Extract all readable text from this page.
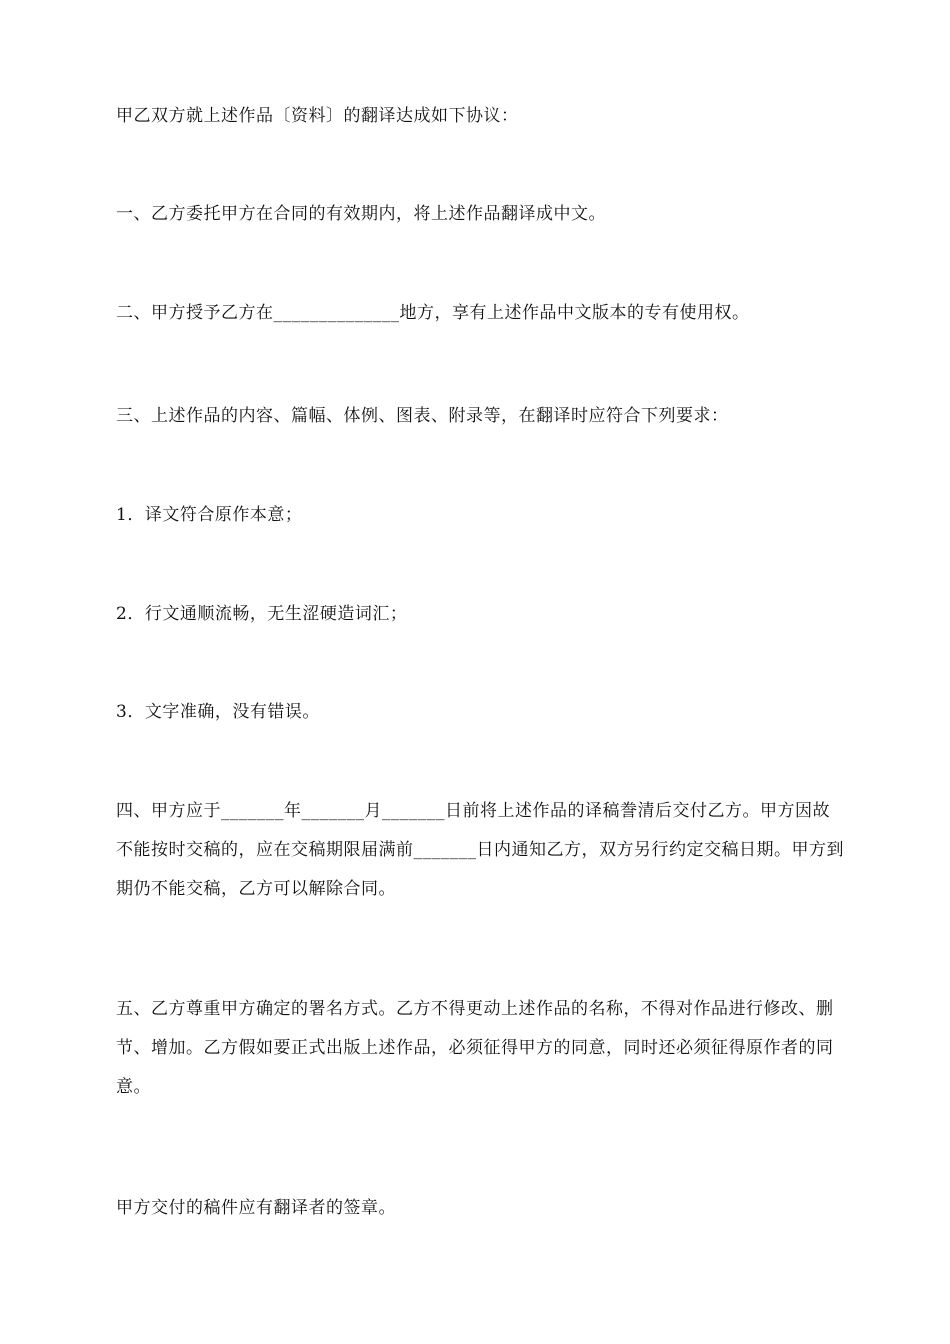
甲乙双方就上述作品〔资料〕的翻译达成如下协议：

一、乙方委托甲方在合同的有效期内，将上述作品翻译成中文。

二、甲方授予乙方在______________地方，享有上述作品中文版本的专有使用权。

三、上述作品的内容、篇幅、体例、图表、附录等，在翻译时应符合下列要求：

1．译文符合原作本意；

2．行文通顺流畅，无生涩硬造词汇；

3．文字准确，没有错误。

四、甲方应于_______年_______月_______日前将上述作品的译稿誊清后交付乙方。甲方因故不能按时交稿的，应在交稿期限届满前_______日内通知乙方，双方另行约定交稿日期。甲方到期仍不能交稿，乙方可以解除合同。

五、乙方尊重甲方确定的署名方式。乙方不得更动上述作品的名称，不得对作品进行修改、删节、增加。乙方假如要正式出版上述作品，必须征得甲方的同意，同时还必须征得原作者的同意。

甲方交付的稿件应有翻译者的签章。
